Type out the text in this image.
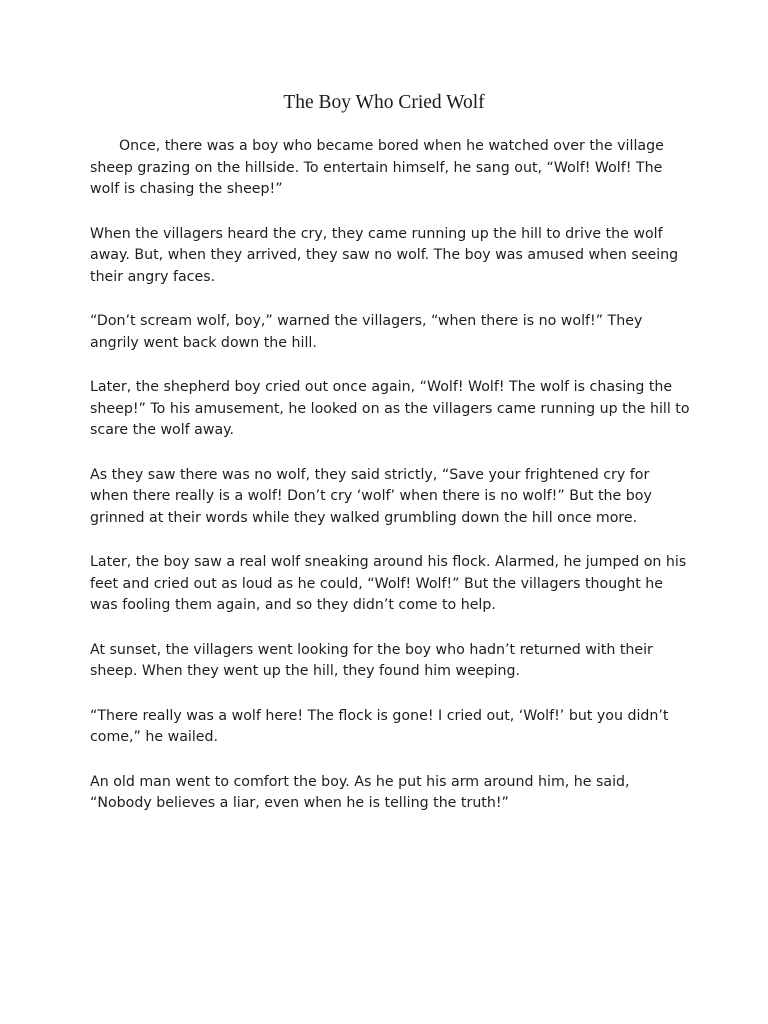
The Boy Who Cried Wolf

Once, there was a boy who became bored when he watched over the village sheep grazing on the hillside. To entertain himself, he sang out, “Wolf! Wolf! The wolf is chasing the sheep!”

When the villagers heard the cry, they came running up the hill to drive the wolf away. But, when they arrived, they saw no wolf. The boy was amused when seeing their angry faces.

“Don’t scream wolf, boy,” warned the villagers, “when there is no wolf!” They angrily went back down the hill.

Later, the shepherd boy cried out once again, “Wolf! Wolf! The wolf is chasing the sheep!” To his amusement, he looked on as the villagers came running up the hill to scare the wolf away.

As they saw there was no wolf, they said strictly, “Save your frightened cry for when there really is a wolf! Don’t cry ‘wolf’ when there is no wolf!” But the boy grinned at their words while they walked grumbling down the hill once more.

Later, the boy saw a real wolf sneaking around his flock. Alarmed, he jumped on his feet and cried out as loud as he could, “Wolf! Wolf!” But the villagers thought he was fooling them again, and so they didn’t come to help.

At sunset, the villagers went looking for the boy who hadn’t returned with their sheep. When they went up the hill, they found him weeping.

“There really was a wolf here! The flock is gone! I cried out, ‘Wolf!’ but you didn’t come,” he wailed.

An old man went to comfort the boy. As he put his arm around him, he said, “Nobody believes a liar, even when he is telling the truth!”
